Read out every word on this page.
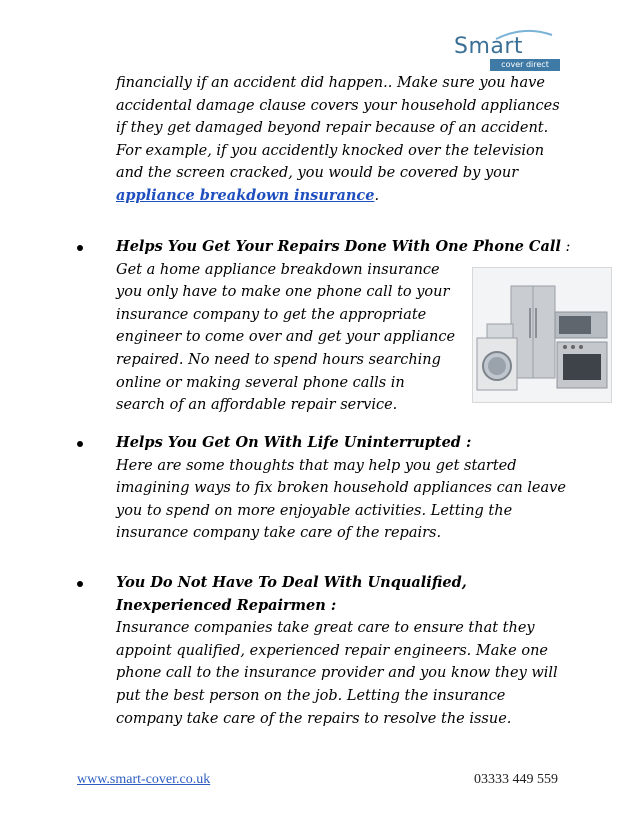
Smart
cover direct

financially if an accident did happen.. Make sure you have accidental damage clause covers your household appliances if they get damaged beyond repair because of an accident. For example, if you accidently knocked over the television and the screen cracked, you would be covered by your appliance breakdown insurance.

Helps You Get Your Repairs Done With One Phone Call :

Get a home appliance breakdown insurance you only have to make one phone call to your insurance company to get the appropriate engineer to come over and get your appliance repaired. No need to spend hours searching online or making several phone calls in search of an affordable repair service.

Helps You Get On With Life Uninterrupted :

Here are some thoughts that may help you get started imagining ways to fix broken household appliances can leave you to spend on more enjoyable activities. Letting the insurance company take care of the repairs.

You Do Not Have To Deal With Unqualified, Inexperienced Repairmen :

Insurance companies take great care to ensure that they appoint qualified, experienced repair engineers. Make one phone call to the insurance provider and you know they will put the best person on the job. Letting the insurance company take care of the repairs to resolve the issue.

www.smart-cover.co.uk	03333 449 559
